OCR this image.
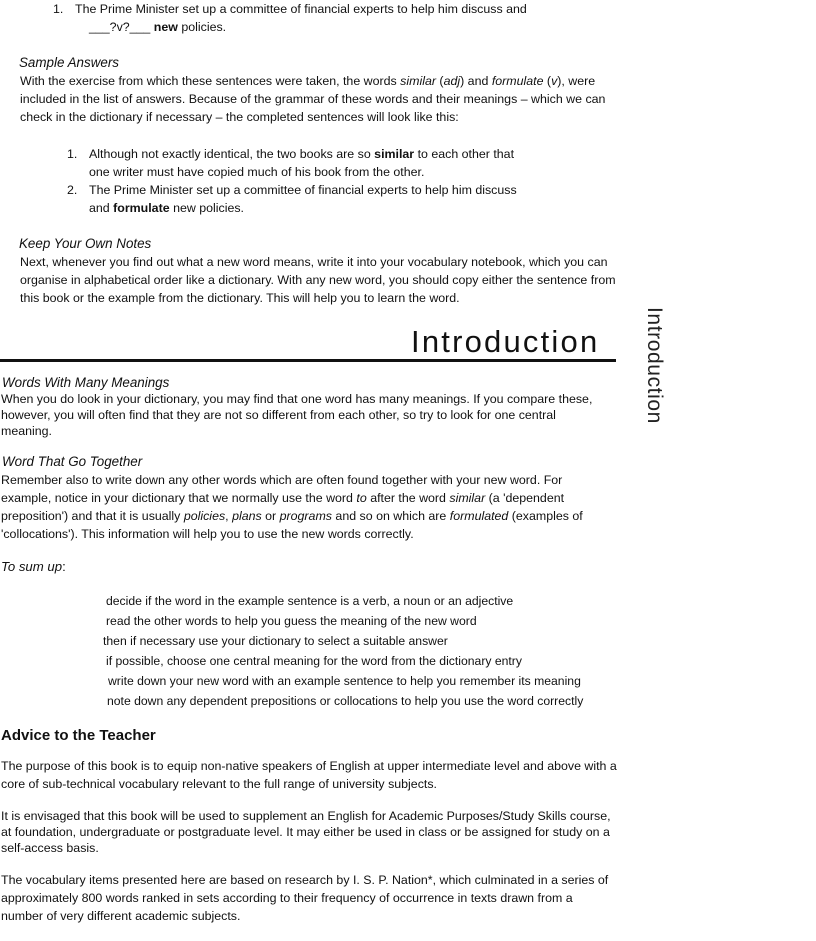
1. The Prime Minister set up a committee of financial experts to help him discuss and
___?v?___ new policies.
Sample Answers
With the exercise from which these sentences were taken, the words similar (adj) and formulate (v), were
included in the list of answers. Because of the grammar of these words and their meanings – which we can
check in the dictionary if necessary – the completed sentences will look like this:
1. Although not exactly identical, the two books are so similar to each other that
one writer must have copied much of his book from the other.
2. The Prime Minister set up a committee of financial experts to help him discuss
and formulate new policies.
Keep Your Own Notes
Next, whenever you find out what a new word means, write it into your vocabulary notebook, which you can
organise in alphabetical order like a dictionary. With any new word, you should copy either the sentence from
this book or the example from the dictionary. This will help you to learn the word.
Introduction Introduction
Words With Many Meanings
When you do look in your dictionary, you may find that one word has many meanings. If you compare these,
however, you will often find that they are not so different from each other, so try to look for one central
meaning.
Word That Go Together
Remember also to write down any other words which are often found together with your new word. For
example, notice in your dictionary that we normally use the word to after the word similar (a 'dependent
preposition') and that it is usually policies, plans or programs and so on which are formulated (examples of
'collocations'). This information will help you to use the new words correctly.
To sum up:
decide if the word in the example sentence is a verb, a noun or an adjective
read the other words to help you guess the meaning of the new word
then if necessary use your dictionary to select a suitable answer
if possible, choose one central meaning for the word from the dictionary entry
write down your new word with an example sentence to help you remember its meaning
note down any dependent prepositions or collocations to help you use the word correctly
Advice to the Teacher
The purpose of this book is to equip non-native speakers of English at upper intermediate level and above with a
core of sub-technical vocabulary relevant to the full range of university subjects.
It is envisaged that this book will be used to supplement an English for Academic Purposes/Study Skills course,
at foundation, undergraduate or postgraduate level. It may either be used in class or be assigned for study on a
self-access basis.
The vocabulary items presented here are based on research by I. S. P. Nation*, which culminated in a series of
approximately 800 words ranked in sets according to their frequency of occurrence in texts drawn from a
number of very different academic subjects.
